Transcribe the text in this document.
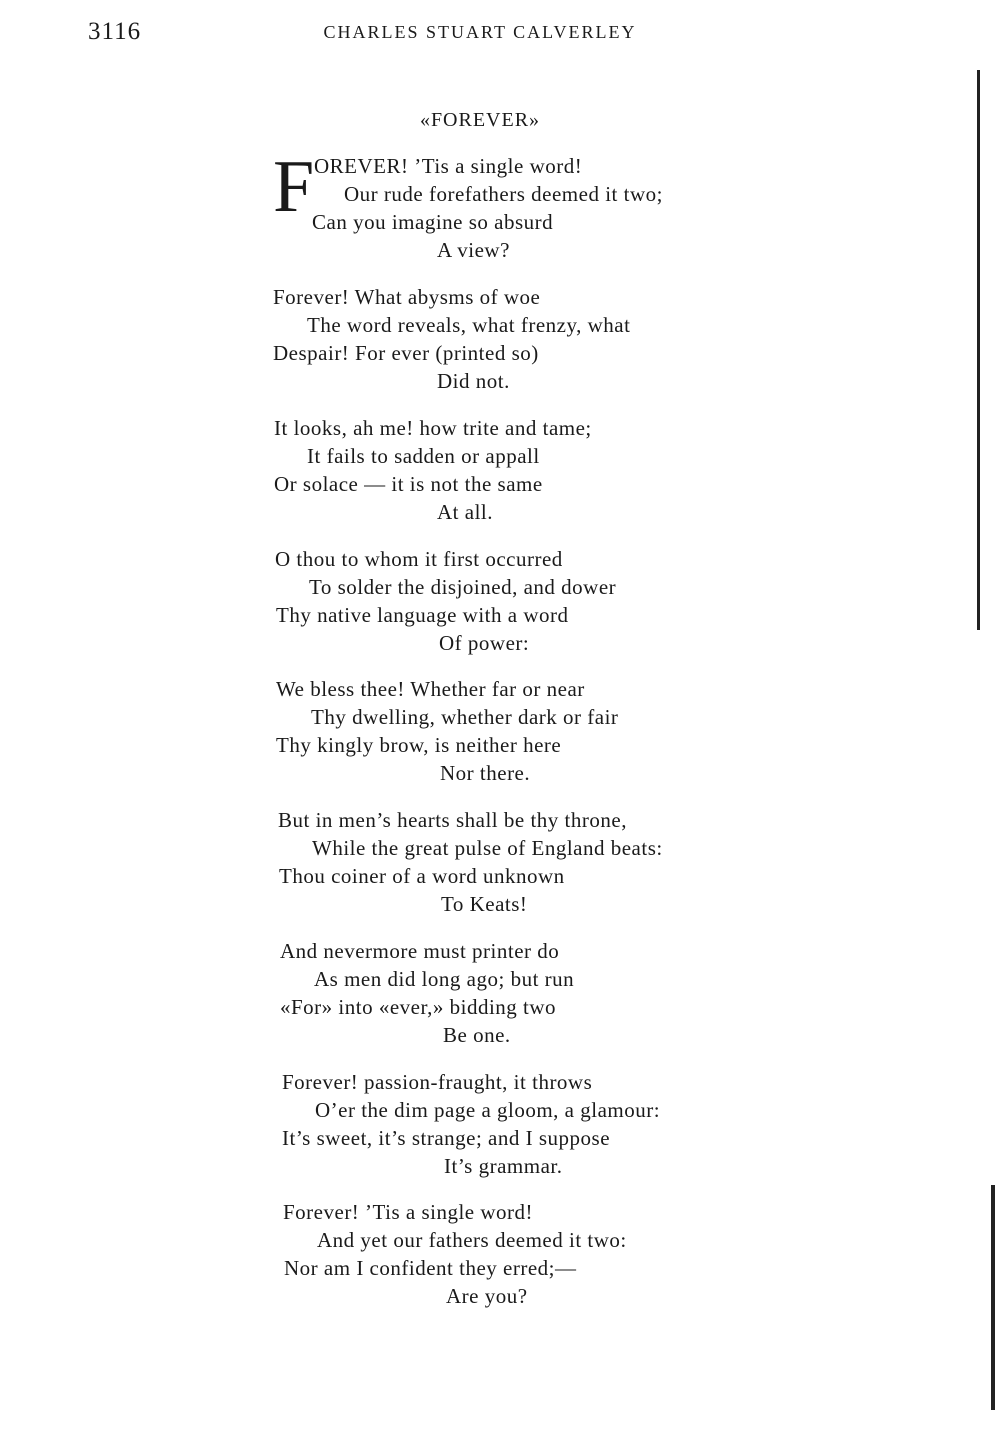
3116	CHARLES STUART CALVERLEY
«FOREVER»
F OREVER! ’Tis a single word!
Our rude forefathers deemed it two;
Can you imagine so absurd
A view?
Forever! What abysms of woe
The word reveals, what frenzy, what
Despair! For ever (printed so)
Did not.
It looks, ah me! how trite and tame;
It fails to sadden or appall
Or solace — it is not the same
At all.
O thou to whom it first occurred
To solder the disjoined, and dower
Thy native language with a word
Of power:
We bless thee! Whether far or near
Thy dwelling, whether dark or fair
Thy kingly brow, is neither here
Nor there.
But in men’s hearts shall be thy throne,
While the great pulse of England beats:
Thou coiner of a word unknown
To Keats!
And nevermore must printer do
As men did long ago; but run
«For» into «ever,» bidding two
Be one.
Forever! passion-fraught, it throws
O’er the dim page a gloom, a glamour:
It’s sweet, it’s strange; and I suppose
It’s grammar.
Forever! ’Tis a single word!
And yet our fathers deemed it two:
Nor am I confident they erred;—
Are you?
